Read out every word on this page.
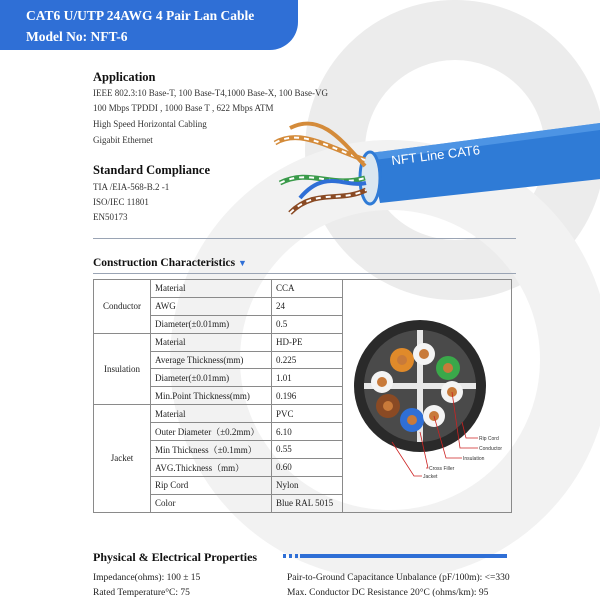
CAT6 U/UTP 24AWG 4 Pair Lan Cable
Model No: NFT-6
Application
IEEE 802.3:10 Base-T, 100 Base-T4,1000 Base-X, 100 Base-VG
100 Mbps TPDDI , 1000 Base T , 622 Mbps ATM
High Speed Horizontal Cabling
Gigabit Ethernet
Standard Compliance
TIA /EIA-568-B.2 -1
ISO/IEC 11801
EN50173
NFT Line CAT6
Construction Characteristics ▼
Conductor	Material	CCA	
	AWG	24	
	Diameter(±0.01mm)	0.5	
Insulation	Material	HD-PE	
	Average Thickness(mm)	0.225	
	Diameter(±0.01mm)	1.01	
	Min.Point Thickness(mm)	0.196	
Jacket	Material	PVC	
	Outer Diameter（±0.2mm）	6.10	
	Min Thickness（±0.1mm）	0.55	
	AVG.Thickness（mm）	0.60	
	Rip Cord	Nylon	
	Color	Blue RAL 5015	
Rip Cord
Conductor
Insulation
Cross Filler
Jacket
Physical & Electrical Properties
Impedance(ohms): 100 ± 15
Rated Temperature°C: 75
Pair-to-Ground Capacitance Unbalance (pF/100m): <=330
Max. Conductor DC Resistance 20°C (ohms/km): 95
